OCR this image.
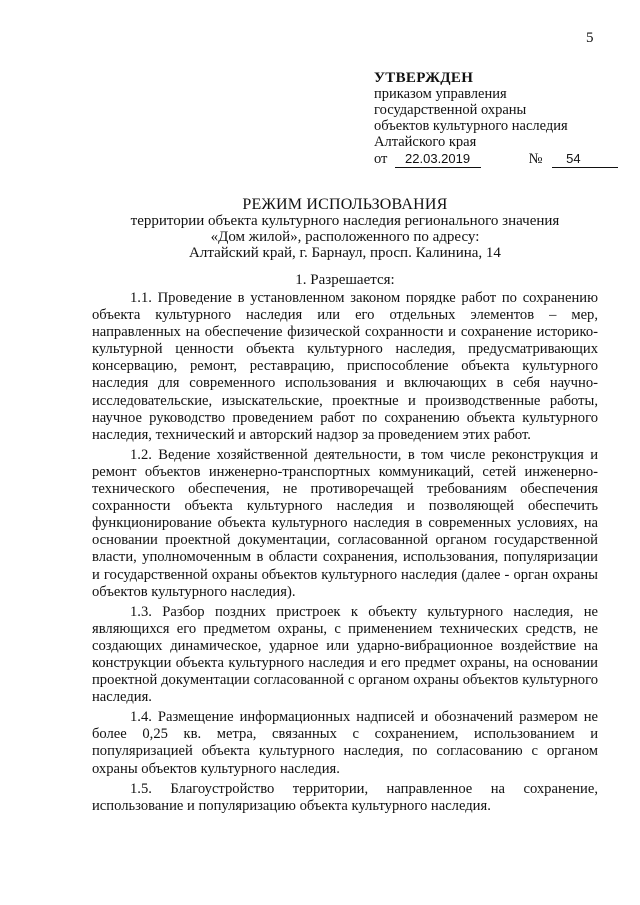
5
УТВЕРЖДЕН
приказом управления
государственной охраны
объектов культурного наследия
Алтайского края
от 22.03.2019	№ 54
РЕЖИМ ИСПОЛЬЗОВАНИЯ
территории объекта культурного наследия регионального значения
«Дом жилой», расположенного по адресу:
Алтайский край, г. Барнаул, просп. Калинина, 14
1. Разрешается:

1.1. Проведение в установленном законом порядке работ по сохранению объекта культурного наследия или его отдельных элементов – мер, направленных на обеспечение физической сохранности и сохранение историко-культурной ценности объекта культурного наследия, предусматривающих консервацию, ремонт, реставрацию, приспособление объекта культурного наследия для современного использования и включающих в себя научно-исследовательские, изыскательские, проектные и производственные работы, научное руководство проведением работ по сохранению объекта культурного наследия, технический и авторский надзор за проведением этих работ.

1.2. Ведение хозяйственной деятельности, в том числе реконструкция и ремонт объектов инженерно-транспортных коммуникаций, сетей инженерно-технического обеспечения, не противоречащей требованиям обеспечения сохранности объекта культурного наследия и позволяющей обеспечить функционирование объекта культурного наследия в современных условиях, на основании проектной документации, согласованной органом государственной власти, уполномоченным в области сохранения, использования, популяризации и государственной охраны объектов культурного наследия (далее - орган охраны объектов культурного наследия).

1.3. Разбор поздних пристроек к объекту культурного наследия, не являющихся его предметом охраны, с применением технических средств, не создающих динамическое, ударное или ударно-вибрационное воздействие на конструкции объекта культурного наследия и его предмет охраны, на основании проектной документации согласованной с органом охраны объектов культурного наследия.

1.4. Размещение информационных надписей и обозначений размером не более 0,25 кв. метра, связанных с сохранением, использованием и популяризацией объекта культурного наследия, по согласованию с органом охраны объектов культурного наследия.

1.5. Благоустройство территории, направленное на сохранение, использование и популяризацию объекта культурного наследия.
